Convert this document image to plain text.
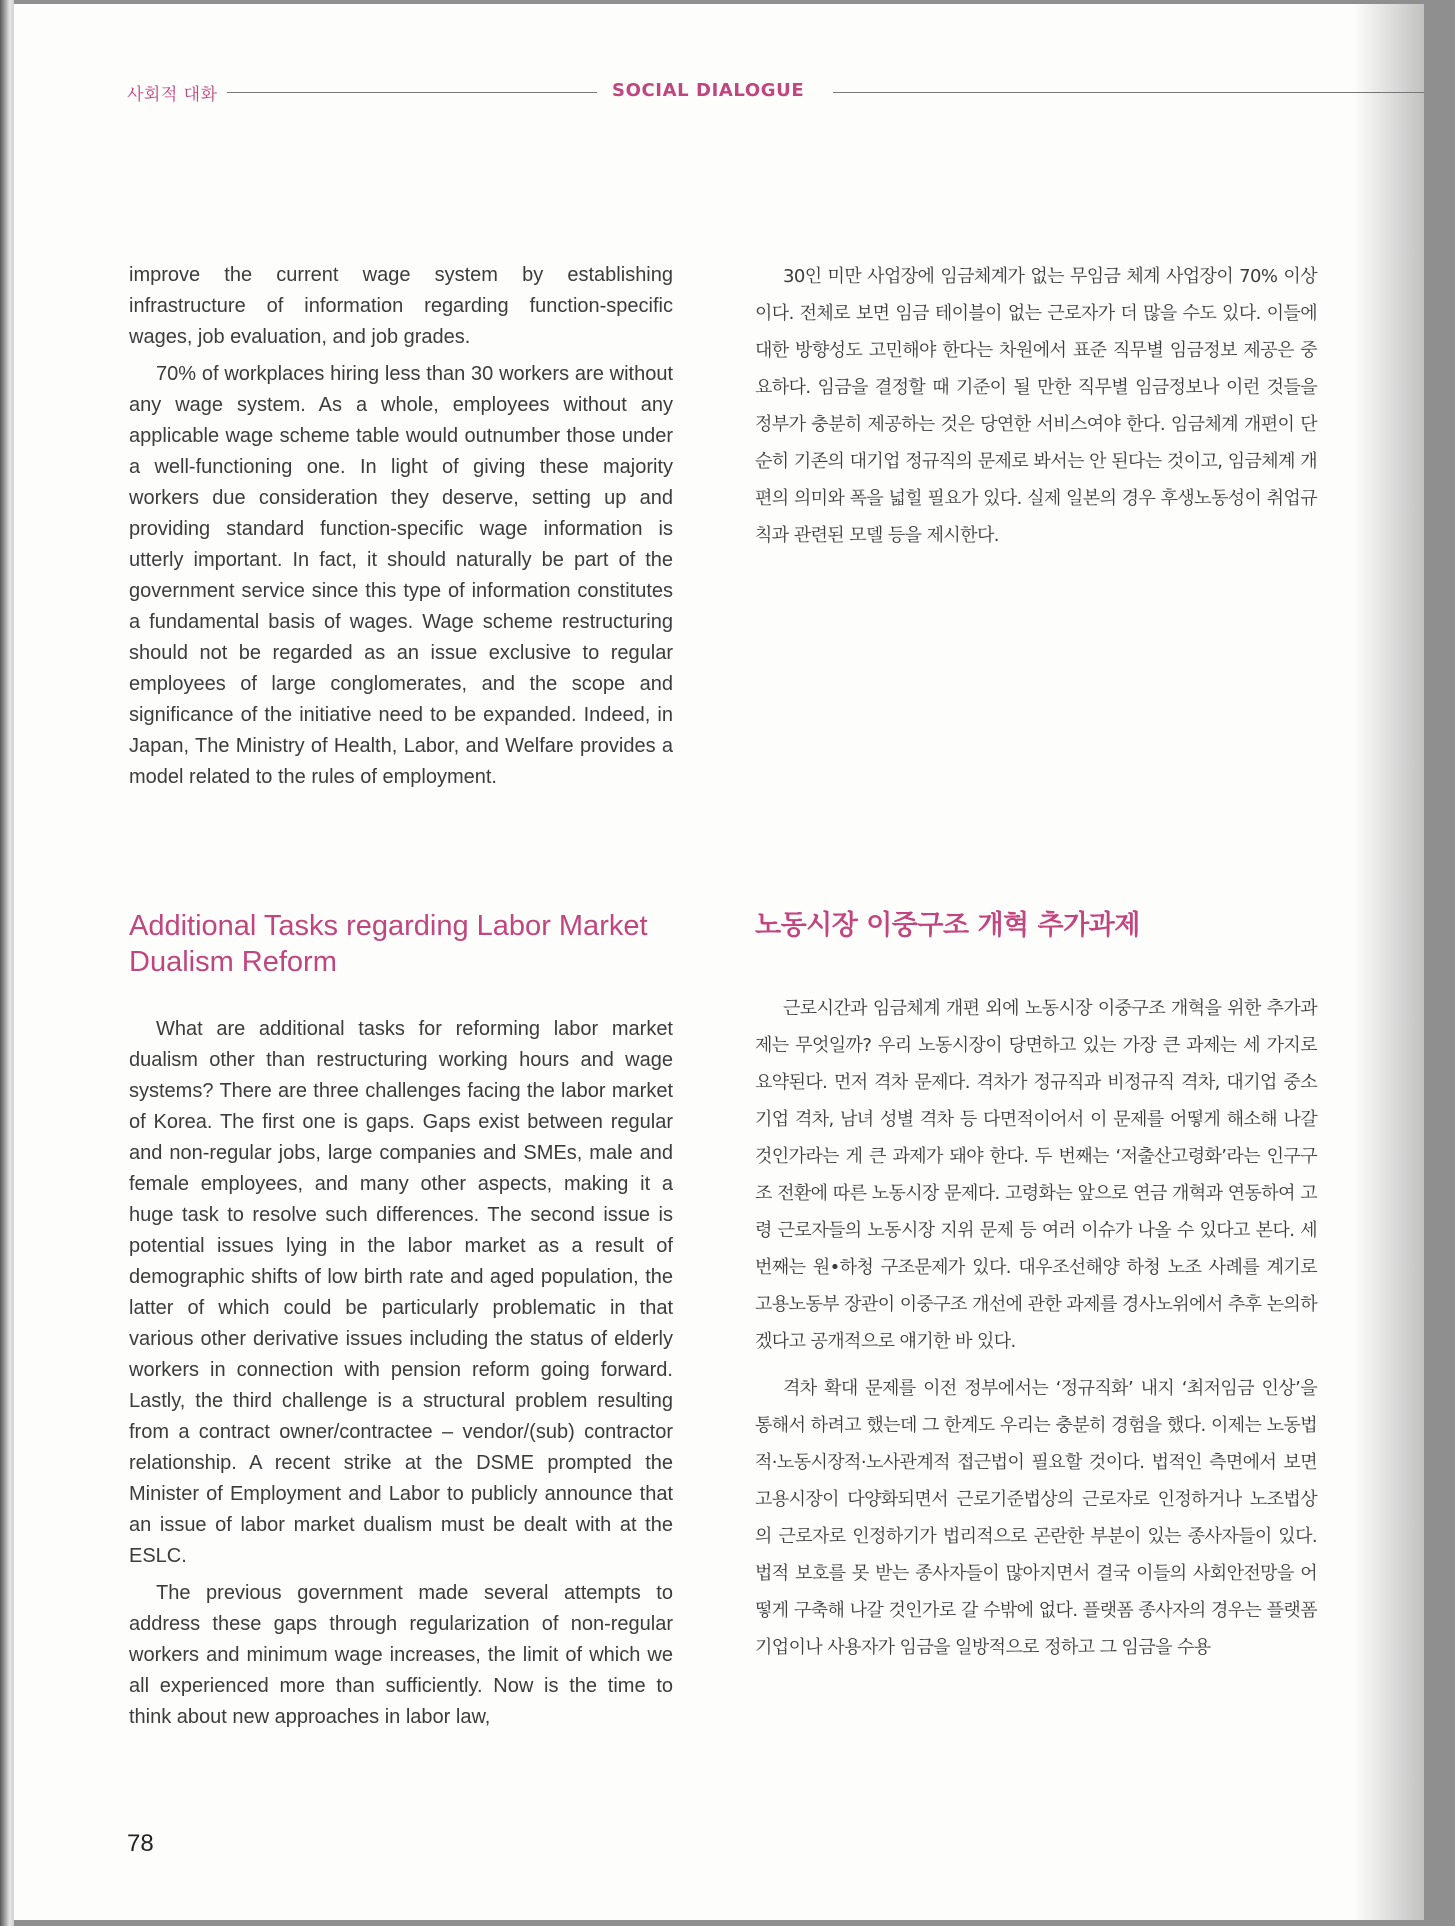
사회적 대화	SOCIAL DIALOGUE

improve the current wage system by establishing infrastructure of information regarding function-specific wages, job evaluation, and job grades.

70% of workplaces hiring less than 30 workers are without any wage system. As a whole, employees without any applicable wage scheme table would outnumber those under a well-functioning one. In light of giving these majority workers due consideration they deserve, setting up and providing standard function-specific wage information is utterly important. In fact, it should naturally be part of the government service since this type of information constitutes a fundamental basis of wages. Wage scheme restructuring should not be regarded as an issue exclusive to regular employees of large conglomerates, and the scope and significance of the initiative need to be expanded. Indeed, in Japan, The Ministry of Health, Labor, and Welfare provides a model related to the rules of employment.

30인 미만 사업장에 임금체계가 없는 무임금 체계 사업장이 70% 이상이다. 전체로 보면 임금 테이블이 없는 근로자가 더 많을 수도 있다. 이들에 대한 방향성도 고민해야 한다는 차원에서 표준 직무별 임금정보 제공은 중요하다. 임금을 결정할 때 기준이 될 만한 직무별 임금정보나 이런 것들을 정부가 충분히 제공하는 것은 당연한 서비스여야 한다. 임금체계 개편이 단순히 기존의 대기업 정규직의 문제로 봐서는 안 된다는 것이고, 임금체계 개편의 의미와 폭을 넓힐 필요가 있다. 실제 일본의 경우 후생노동성이 취업규칙과 관련된 모델 등을 제시한다.

Additional Tasks regarding Labor Market Dualism Reform
노동시장 이중구조 개혁 추가과제

What are additional tasks for reforming labor market dualism other than restructuring working hours and wage systems? There are three challenges facing the labor market of Korea. The first one is gaps. Gaps exist between regular and non-regular jobs, large companies and SMEs, male and female employees, and many other aspects, making it a huge task to resolve such differences. The second issue is potential issues lying in the labor market as a result of demographic shifts of low birth rate and aged population, the latter of which could be particularly problematic in that various other derivative issues including the status of elderly workers in connection with pension reform going forward. Lastly, the third challenge is a structural problem resulting from a contract owner/contractee – vendor/(sub) contractor relationship. A recent strike at the DSME prompted the Minister of Employment and Labor to publicly announce that an issue of labor market dualism must be dealt with at the ESLC.

The previous government made several attempts to address these gaps through regularization of non-regular workers and minimum wage increases, the limit of which we all experienced more than sufficiently. Now is the time to think about new approaches in labor law,

근로시간과 임금체계 개편 외에 노동시장 이중구조 개혁을 위한 추가과제는 무엇일까? 우리 노동시장이 당면하고 있는 가장 큰 과제는 세 가지로 요약된다. 먼저 격차 문제다. 격차가 정규직과 비정규직 격차, 대기업 중소기업 격차, 남녀 성별 격차 등 다면적이어서 이 문제를 어떻게 해소해 나갈 것인가라는 게 큰 과제가 돼야 한다. 두 번째는 ‘저출산고령화’라는 인구구조 전환에 따른 노동시장 문제다. 고령화는 앞으로 연금 개혁과 연동하여 고령 근로자들의 노동시장 지위 문제 등 여러 이슈가 나올 수 있다고 본다. 세 번째는 원•하청 구조문제가 있다. 대우조선해양 하청 노조 사례를 계기로 고용노동부 장관이 이중구조 개선에 관한 과제를 경사노위에서 추후 논의하겠다고 공개적으로 얘기한 바 있다.

격차 확대 문제를 이전 정부에서는 ‘정규직화’ 내지 ‘최저임금 인상’을 통해서 하려고 했는데 그 한계도 우리는 충분히 경험을 했다. 이제는 노동법적·노동시장적·노사관계적 접근법이 필요할 것이다. 법적인 측면에서 보면 고용시장이 다양화되면서 근로기준법상의 근로자로 인정하거나 노조법상의 근로자로 인정하기가 법리적으로 곤란한 부분이 있는 종사자들이 있다. 법적 보호를 못 받는 종사자들이 많아지면서 결국 이들의 사회안전망을 어떻게 구축해 나갈 것인가로 갈 수밖에 없다. 플랫폼 종사자의 경우는 플랫폼 기업이나 사용자가 임금을 일방적으로 정하고 그 임금을 수용

78
